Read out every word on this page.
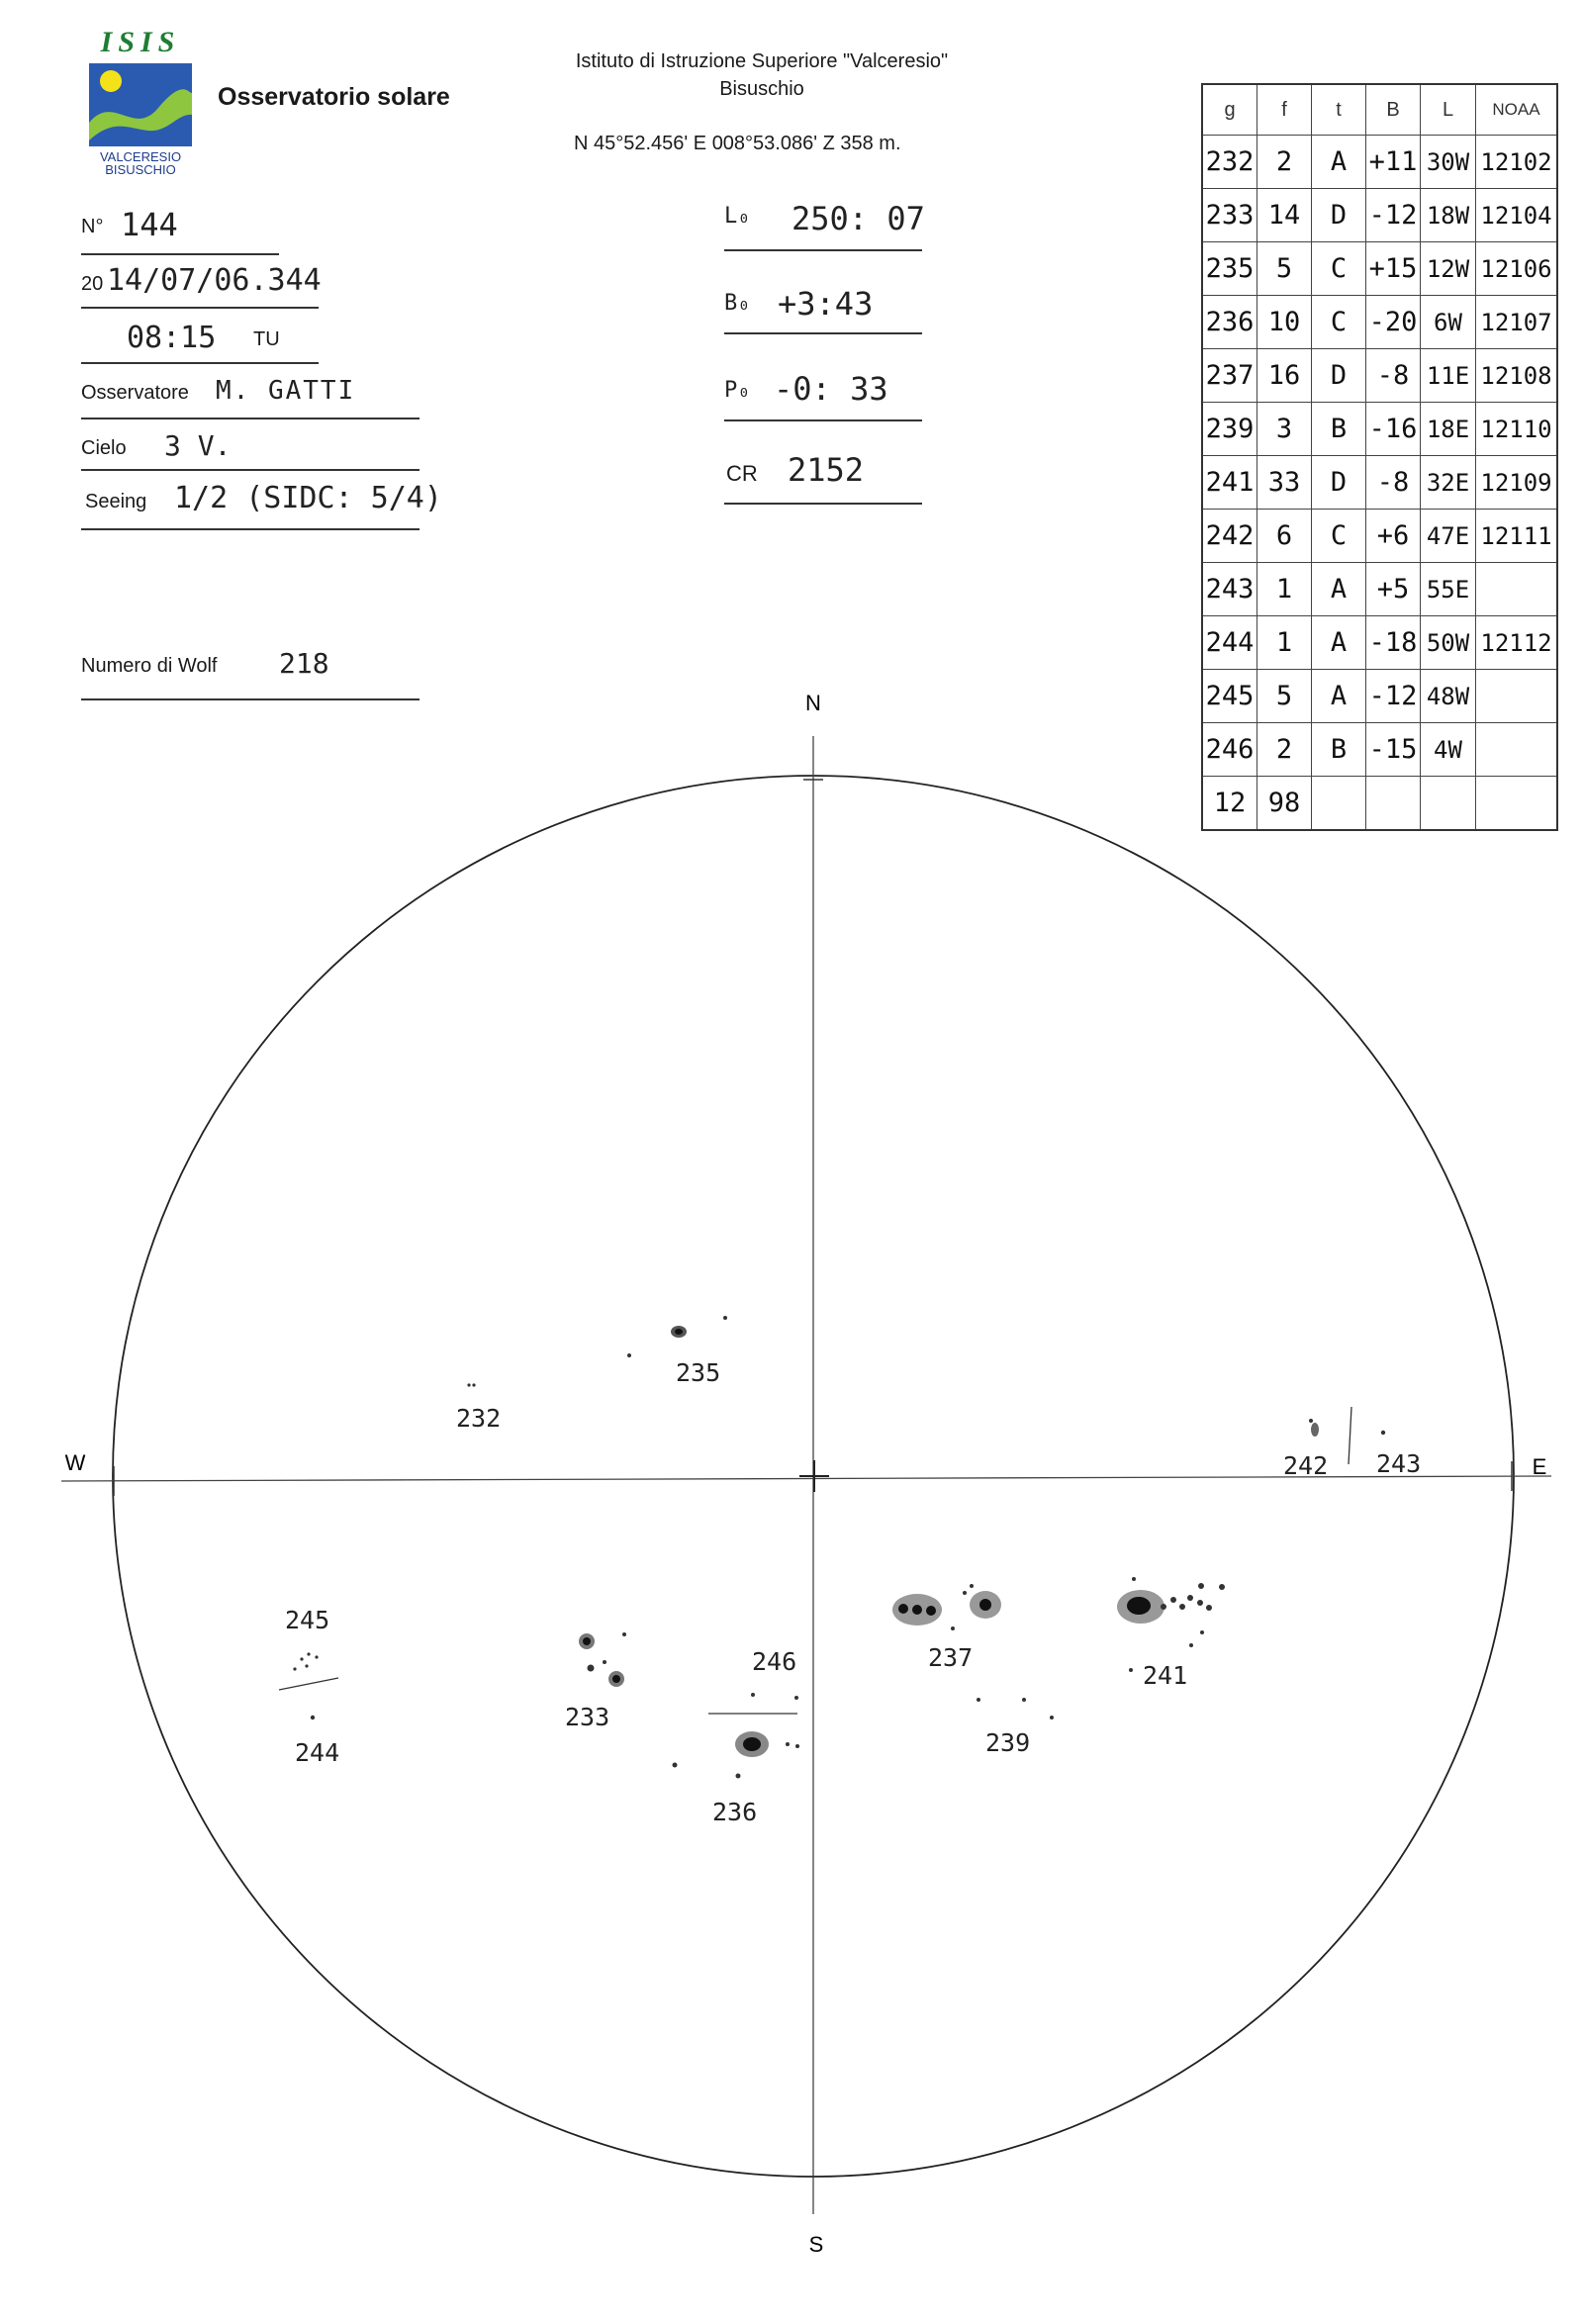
ISIS
VALCERESIO
BISUSCHIO
Osservatorio solare
Istituto di Istruzione Superiore "Valceresio"
Bisuschio
N 45°52.456' E 008°53.086' Z 358 m.
N° 144
20 14/07/06.344
08:15 TU
Osservatore M. GATTI
Cielo 3 V.
Seeing 1/2 (SIDC: 5/4)
Numero di Wolf 218
L₀ 250: 07
B₀ +3:43
P₀ -0: 33
CR 2152
g	f	t	B	L	NOAA
232	2	A	+11	30W	12102
233	14	D	-12	18W	12104
235	5	C	+15	12W	12106
236	10	C	-20	6W	12107
237	16	D	-8	11E	12108
239	3	B	-16	18E	12110
241	33	D	-8	32E	12109
242	6	C	+6	47E	12111
243	1	A	+5	55E	
244	1	A	-18	50W	12112
245	5	A	-12	48W	
246	2	B	-15	4W	
12	98				
N
S
W	E
235
232
233
236
246	237
239
241
242 243
245
244
